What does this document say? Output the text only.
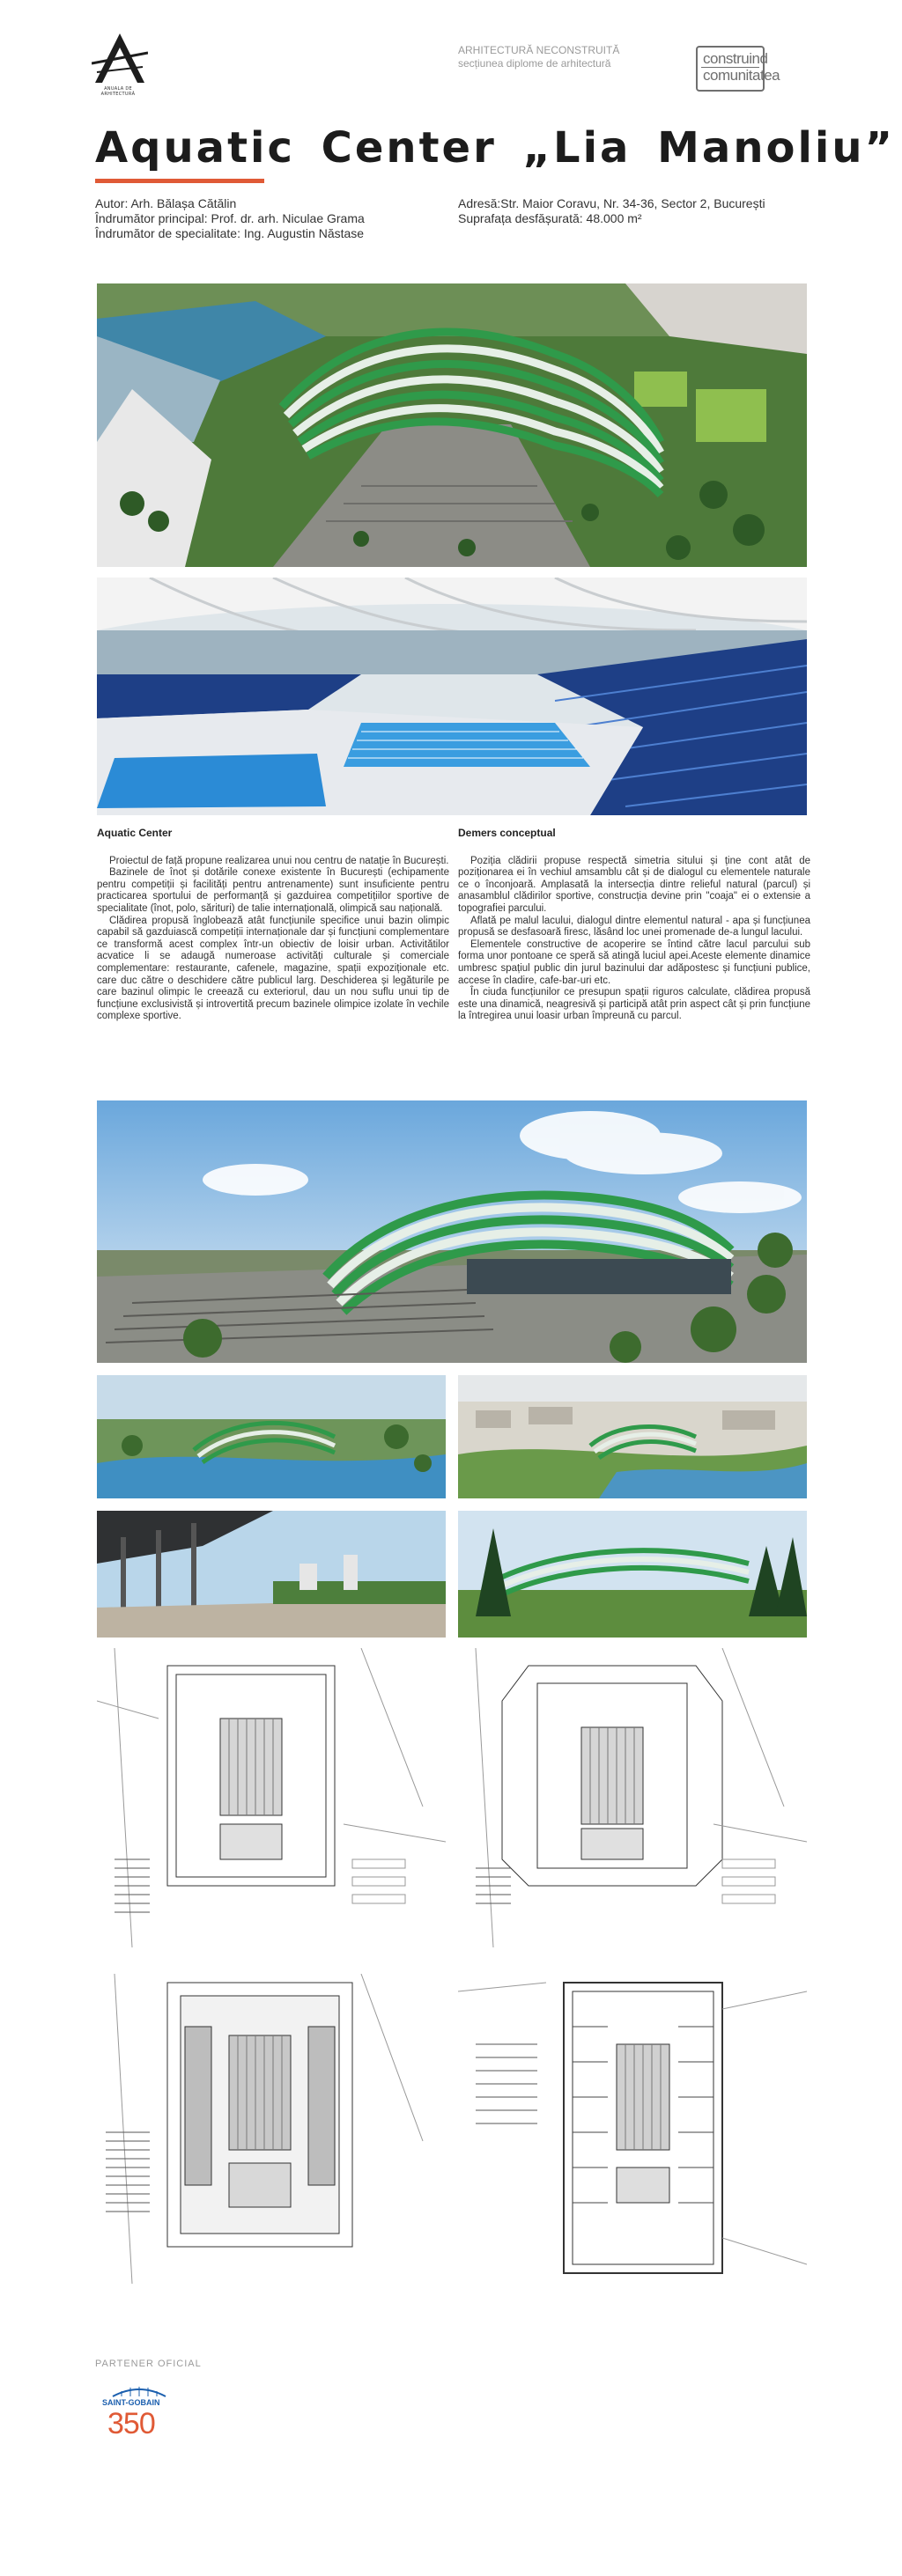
ANUALA DE ARHITECTURĂ
ARHITECTURĂ NECONSTRUITĂ
secțiunea diplome de arhitectură	construind
comunitatea
Aquatic Center „Lia Manoliu”
Autor: Arh. Bălașa Cătălin
Îndrumător principal: Prof. dr. arh. Niculae Grama
Îndrumător de specialitate: Ing. Augustin Năstase
Adresă:Str. Maior Coravu, Nr. 34-36, Sector 2, București
Suprafața desfășurată: 48.000 m²
Aquatic Center

Proiectul de față propune realizarea unui nou centru de natație în București.

Bazinele de înot și dotările conexe existente în București (echipamente pentru competiții și facilități pentru antrenamente) sunt insuficiente pentru practicarea sportului de performanță și gazduirea competițiilor sportive de specialitate (înot, polo, sărituri) de talie internațională, olimpică sau națională.

Clădirea propusă înglobează atât funcțiunile specifice unui bazin olimpic capabil să gazduiască competiții internaționale dar și funcțiuni complementare ce transformă acest complex într-un obiectiv de loisir urban. Activitătilor acvatice li se adaugă numeroase activități culturale și comerciale complementare: restaurante, cafenele, magazine, spații expoziționale etc. care duc către o deschidere către publicul larg. Deschiderea și legăturile pe care bazinul olimpic le creează cu exteriorul, dau un nou suflu unui tip de funcțiune exclusivistă și introvertită precum bazinele olimpice izolate în vechile complexe sportive.

Demers conceptual

Poziția clădirii propuse respectă simetria sitului și ține cont atât de poziționarea ei în vechiul amsamblu cât și de dialogul cu elementele naturale ce o înconjoară. Amplasată la intersecția dintre relieful natural (parcul) și anasamblul clădirilor sportive, construcția devine prin "coaja" ei o extensie a topografiei parcului.

Aflată pe malul lacului, dialogul dintre elementul natural - apa și funcțiunea propusă se desfasoară firesc, lăsând loc unei promenade de-a lungul lacului.

Elementele constructive de acoperire se întind către lacul parcului sub forma unor pontoane ce speră să atingă luciul apei.Aceste elemente dinamice umbresc spațiul public din jurul bazinului dar adăpostesc și funcțiuni publice, accese în cladire, cafe-bar-uri etc.

În ciuda funcțiunilor ce presupun spații riguros calculate, clădirea propusă este una dinamică, neagresivă și participă atât prin aspect cât și prin funcțiune la întregirea unui loasir urban împreună cu parcul.

PARTENER OFICIAL
SAINT-GOBAIN
350
